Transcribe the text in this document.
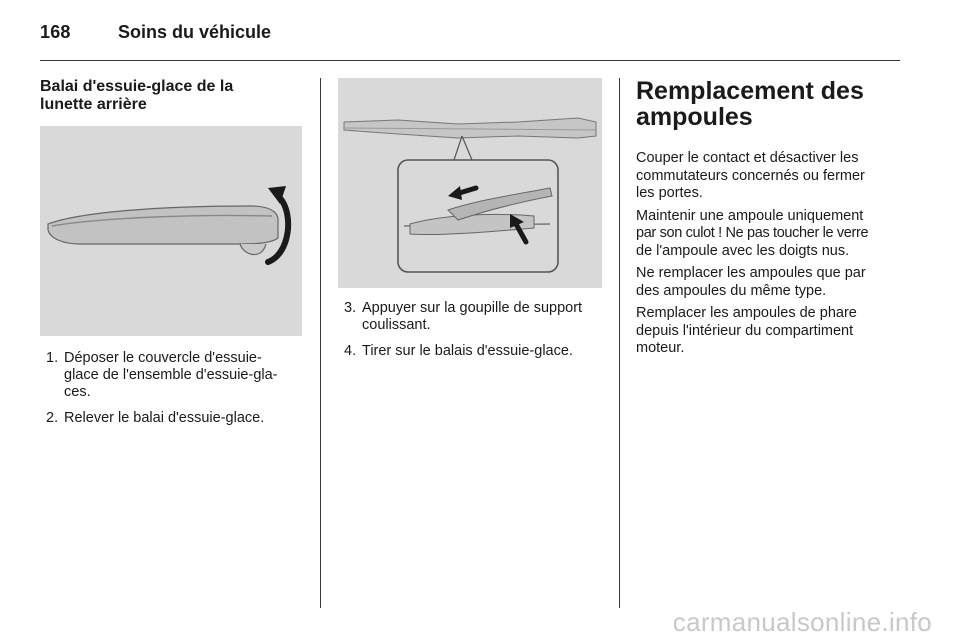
168	Soins du véhicule
Balai d'essuie-glace de la
lunette arrière
1. Déposer le couvercle d'essuie-
glace de l'ensemble d'essuie-gla-
ces.
2. Relever le balai d'essuie-glace.
3. Appuyer sur la goupille de support
coulissant.
4. Tirer sur le balais d'essuie-glace.
Remplacement des
ampoules

Couper le contact et désactiver les
commutateurs concernés ou fermer
les portes.

Maintenir une ampoule uniquement
par son culot ! Ne pas toucher le verre
de l'ampoule avec les doigts nus.

Ne remplacer les ampoules que par
des ampoules du même type.

Remplacer les ampoules de phare
depuis l'intérieur du compartiment
moteur.

carmanualsonline.info
